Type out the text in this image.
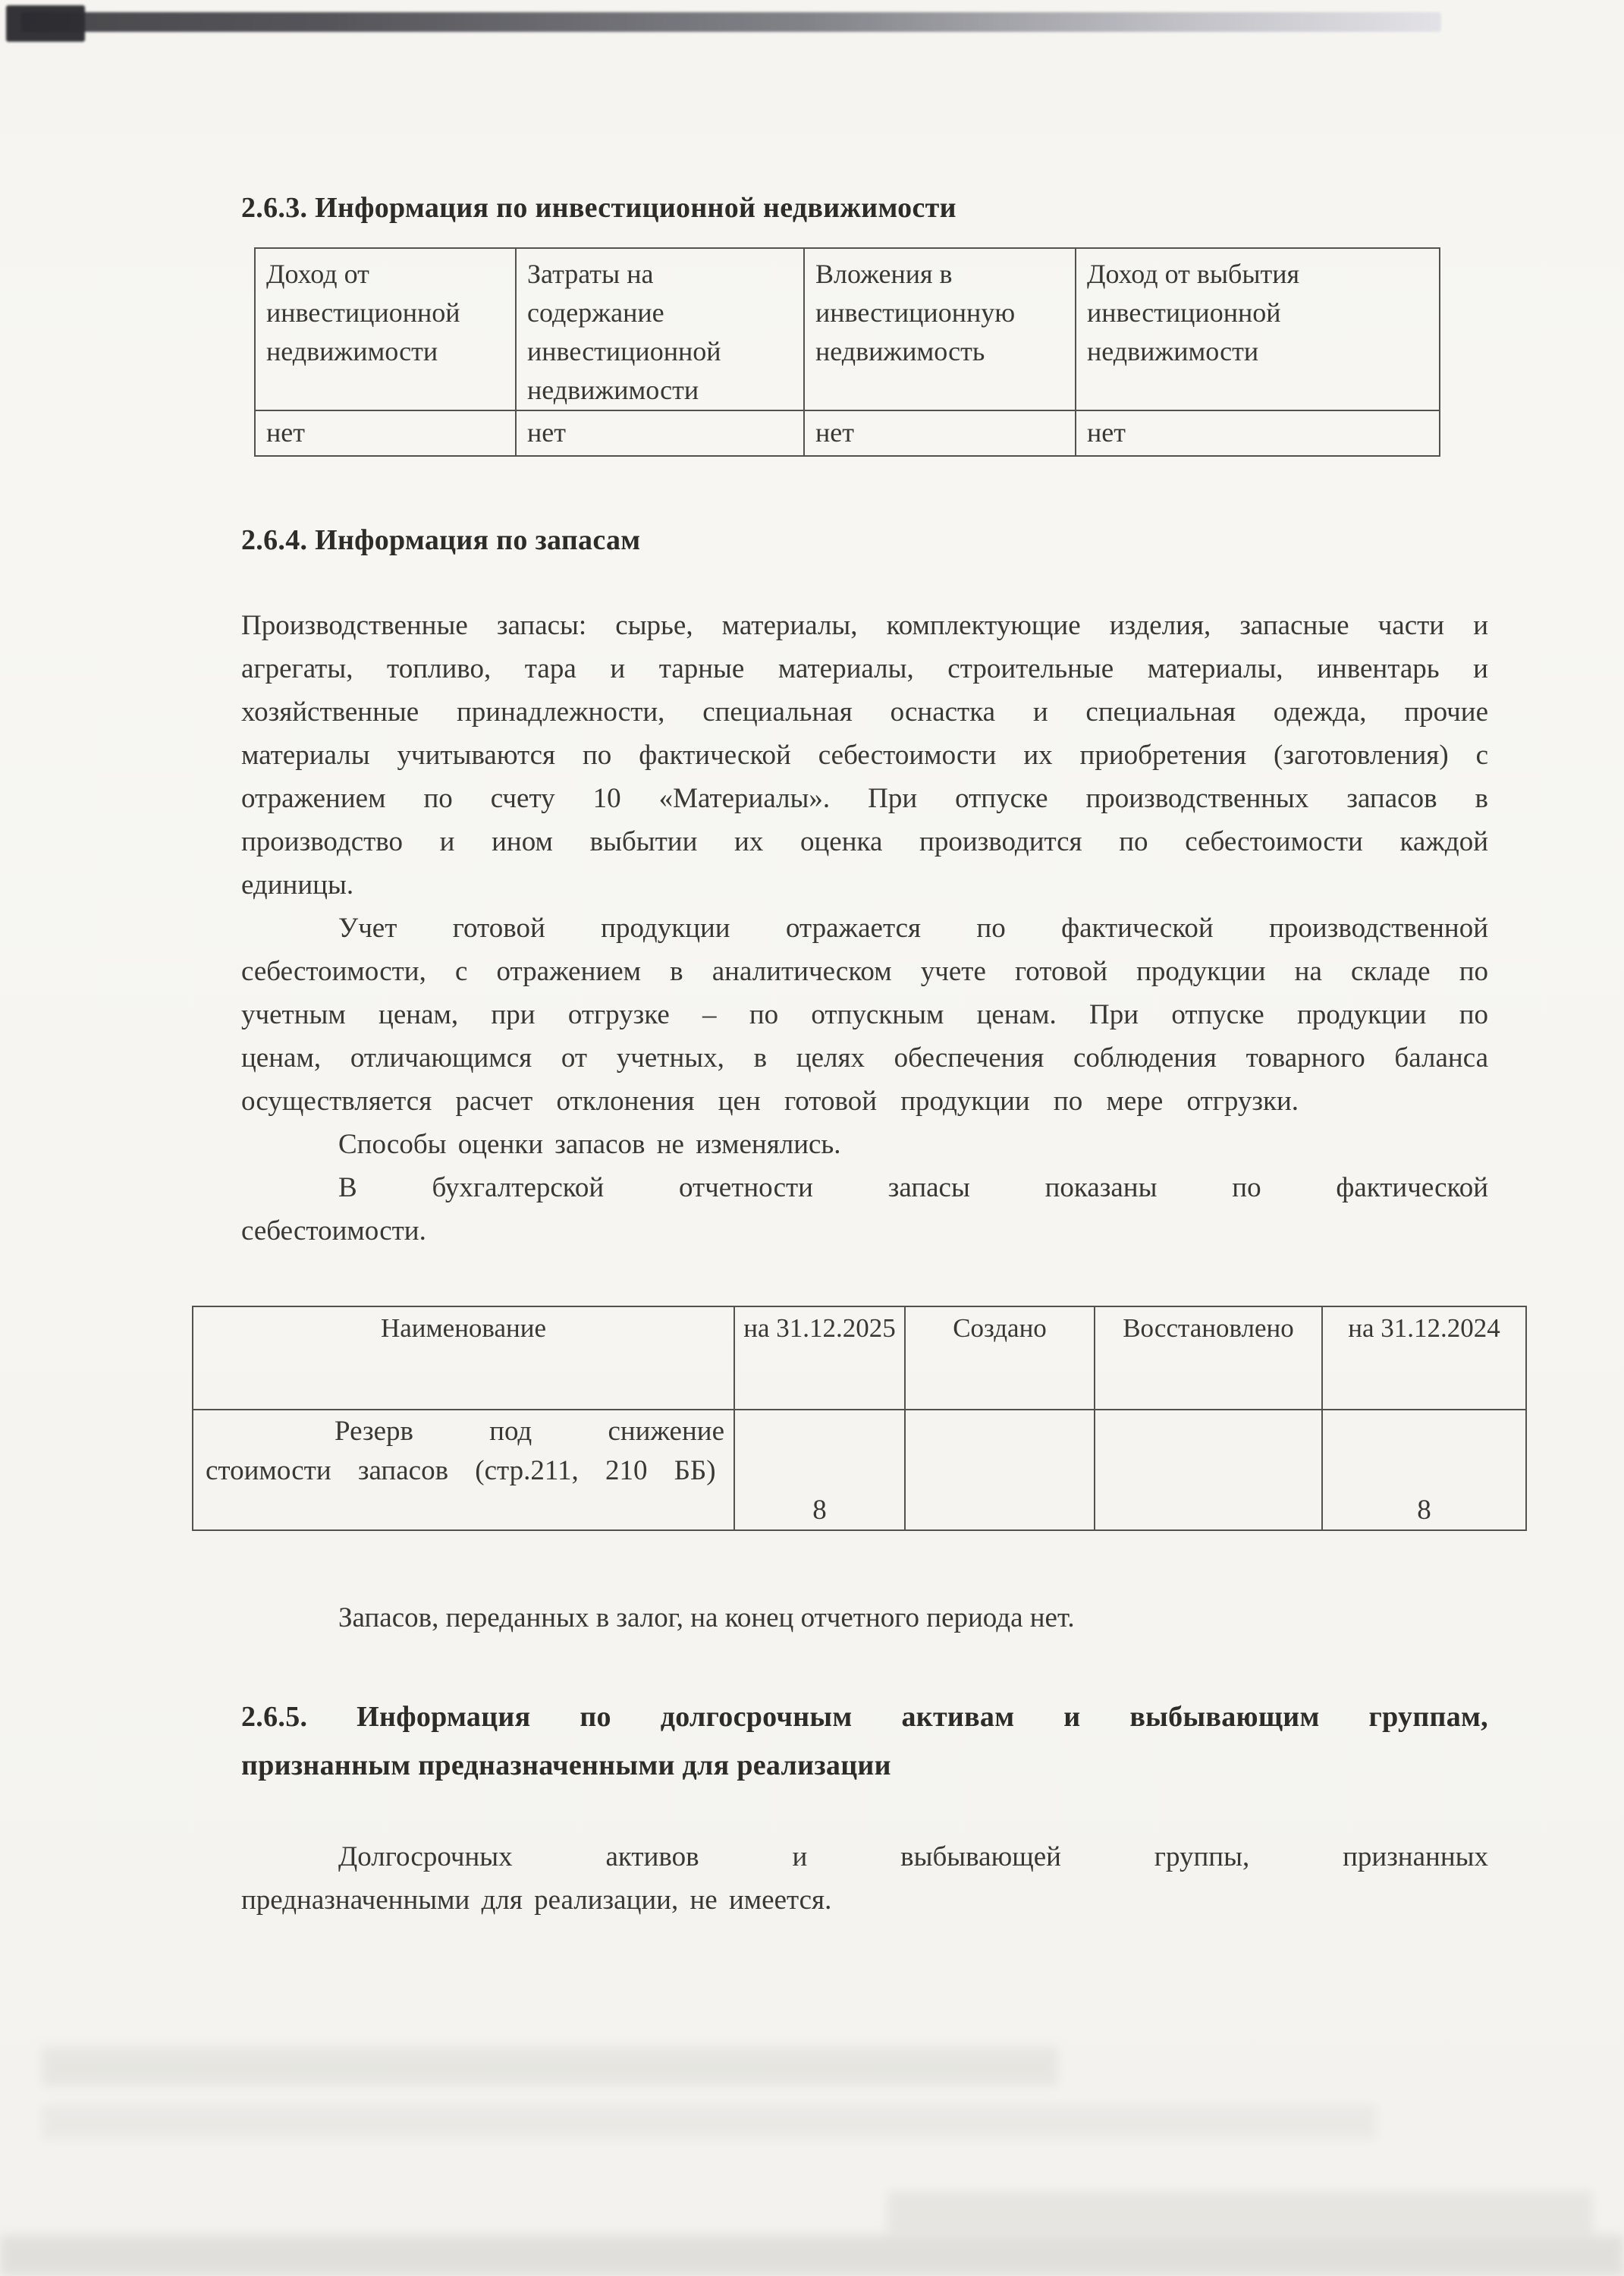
2.6.3. Информация по инвестиционной недвижимости
Доход от инвестиционной недвижимости	Затраты на содержание инвестиционной недвижимости	Вложения в инвестиционную недвижимость	Доход от выбытия инвестиционной недвижимости
нет	нет	нет	нет
2.6.4. Информация по запасам
Производственные запасы: сырье, материалы, комплектующие изделия, запасные части и агрегаты, топливо, тара и тарные материалы, строительные материалы, инвентарь и хозяйственные принадлежности, специальная оснастка и специальная одежда, прочие материалы учитываются по фактической себестоимости их приобретения (заготовления) с отражением по счету 10 «Материалы». При отпуске производственных запасов в производство и ином выбытии их оценка производится по себестоимости каждой единицы.
Учет готовой продукции отражается по фактической производственной себестоимости, с отражением в аналитическом учете готовой продукции на складе по учетным ценам, при отгрузке – по отпускным ценам. При отпуске продукции по ценам, отличающимся от учетных, в целях обеспечения соблюдения товарного баланса осуществляется расчет отклонения цен готовой продукции по мере отгрузки.
Способы оценки запасов не изменялись.
В бухгалтерской отчетности запасы показаны по фактической
себестоимости.
Наименование	на 31.12.2025	Создано	Восстановлено	на 31.12.2024
Резерв под снижение стоимости запасов (стр.211, 210 ББ)	8			8
Запасов, переданных в залог, на конец отчетного периода нет.
2.6.5. Информация по долгосрочным активам и выбывающим группам,
признанным предназначенными для реализации
Долгосрочных активов и выбывающей группы, признанных
предназначенными для реализации, не имеется.
